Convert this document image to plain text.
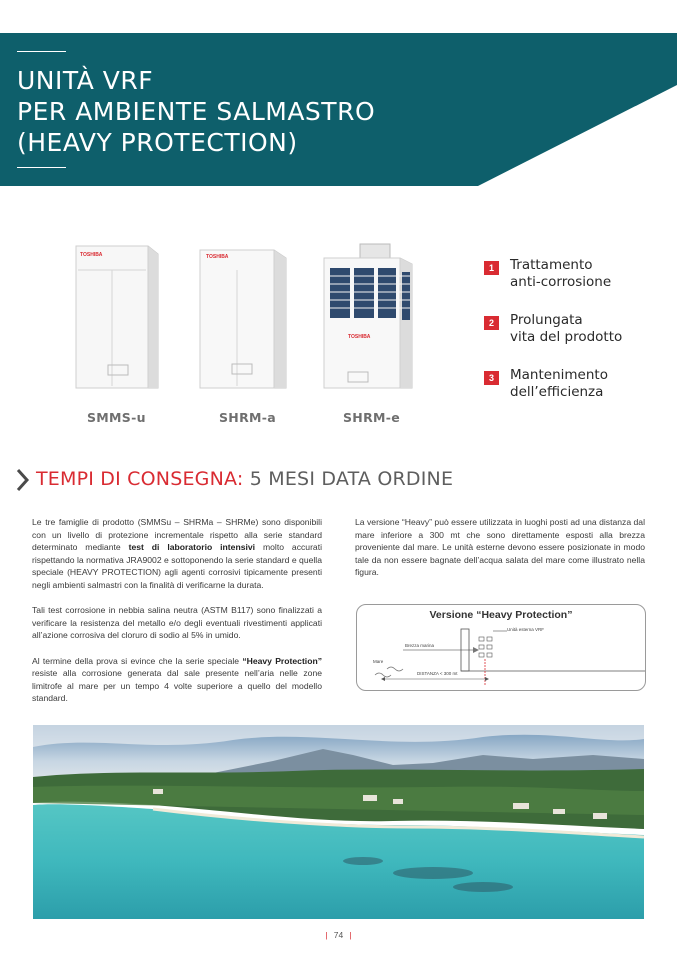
UNITÀ VRF
PER AMBIENTE SALMASTRO
(HEAVY PROTECTION)
TOSHIBA
SMMS-u
TOSHIBA
SHRM-a
TOSHIBA
SHRM-e
1	Trattamento
anti-corrosione
2	Prolungata
vita del prodotto
3	Mantenimento
dell’efficienza
TEMPI DI CONSEGNA: 5 MESI DATA ORDINE

Le tre famiglie di prodotto (SMMSu – SHRMa – SHRMe) sono disponibili con un livello di protezione incrementale rispetto alla serie standard determinato mediante test di laboratorio intensivi molto accurati rispettando la normativa JRA9002 e sottoponendo la serie standard e quella speciale (HEAVY PROTECTION) agli agenti corrosivi tipicamente presenti negli ambienti salmastri con la finalità di verificarne la durata.

Tali test corrosione in nebbia salina neutra (ASTM B117) sono finalizzati a verificare la resistenza del metallo e/o degli eventuali rivestimenti applicati all’azione corrosiva del cloruro di sodio al 5% in umido.

Al termine della prova si evince che la serie speciale “Heavy Protection” resiste alla corrosione generata dal sale presente nell’aria nelle zone limitrofe al mare per un tempo 4 volte superiore a quello del modello standard.

La versione “Heavy” può essere utilizzata in luoghi posti ad una distanza dal mare inferiore a 300 mt che sono direttamente esposti alla brezza proveniente dal mare. Le unità esterne devono essere posizionate in modo tale da non essere bagnate dell’acqua salata del mare come illustrato nella figura.

Versione “Heavy Protection”
Unità esterna VRF
Brezza marina
Mare
DISTANZA < 300 mt
| 74 |
